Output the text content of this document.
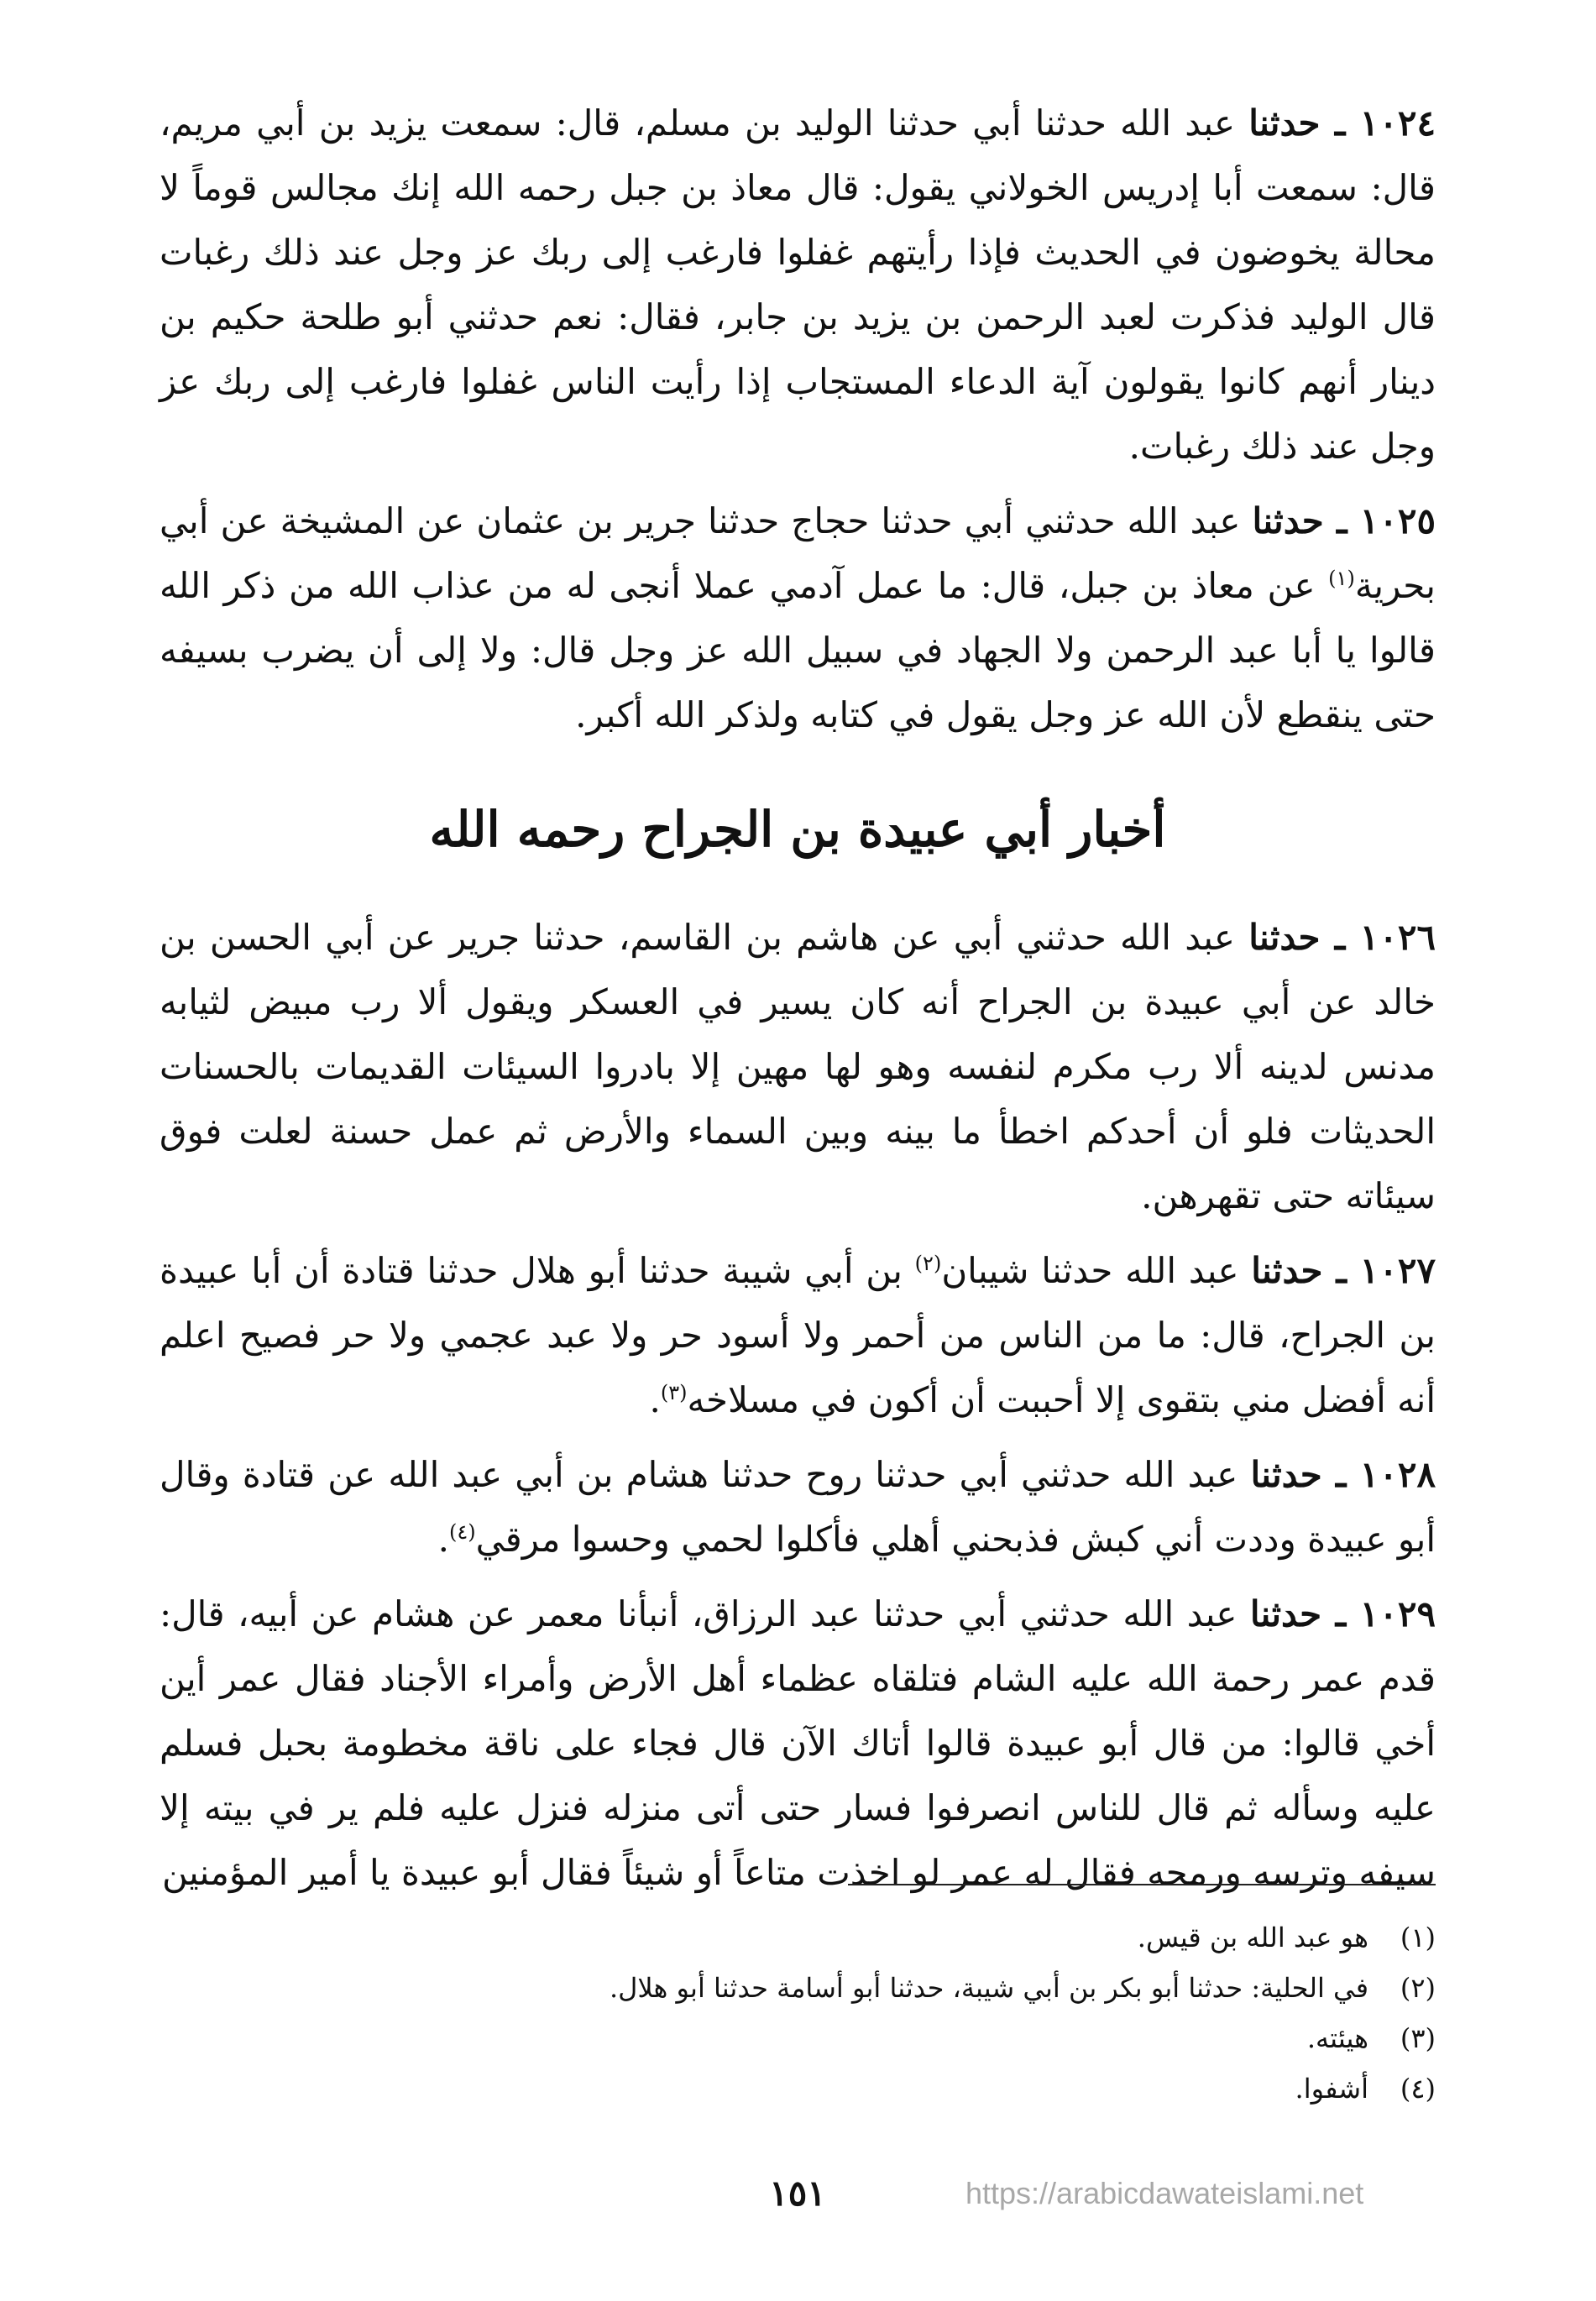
١٠٢٤ ـ حدثنا عبد الله حدثنا أبي حدثنا الوليد بن مسلم، قال: سمعت يزيد بن أبي مريم، قال: سمعت أبا إدريس الخولاني يقول: قال معاذ بن جبل رحمه الله إنك مجالس قوماً لا محالة يخوضون في الحديث فإذا رأيتهم غفلوا فارغب إلى ربك عز وجل عند ذلك رغبات قال الوليد فذكرت لعبد الرحمن بن يزيد بن جابر، فقال: نعم حدثني أبو طلحة حكيم بن دينار أنهم كانوا يقولون آية الدعاء المستجاب إذا رأيت الناس غفلوا فارغب إلى ربك عز وجل عند ذلك رغبات.

١٠٢٥ ـ حدثنا عبد الله حدثني أبي حدثنا حجاج حدثنا جرير بن عثمان عن المشيخة عن أبي بحرية$^{(١)}$ عن معاذ بن جبل، قال: ما عمل آدمي عملا أنجى له من عذاب الله من ذكر الله قالوا يا أبا عبد الرحمن ولا الجهاد في سبيل الله عز وجل قال: ولا إلى أن يضرب بسيفه حتى ينقطع لأن الله عز وجل يقول في كتابه ولذكر الله أكبر.

أخبار أبي عبيدة بن الجراح رحمه الله

١٠٢٦ ـ حدثنا عبد الله حدثني أبي عن هاشم بن القاسم، حدثنا جرير عن أبي الحسن بن خالد عن أبي عبيدة بن الجراح أنه كان يسير في العسكر ويقول ألا رب مبيض لثيابه مدنس لدينه ألا رب مكرم لنفسه وهو لها مهين إلا بادروا السيئات القديمات بالحسنات الحديثات فلو أن أحدكم اخطأ ما بينه وبين السماء والأرض ثم عمل حسنة لعلت فوق سيئاته حتى تقهرهن.

١٠٢٧ ـ حدثنا عبد الله حدثنا شيبان$^{(٢)}$ بن أبي شيبة حدثنا أبو هلال حدثنا قتادة أن أبا عبيدة بن الجراح، قال: ما من الناس من أحمر ولا أسود حر ولا عبد عجمي ولا حر فصيح اعلم أنه أفضل مني بتقوى إلا أحببت أن أكون في مسلاخه$^{(٣)}$.

١٠٢٨ ـ حدثنا عبد الله حدثني أبي حدثنا روح حدثنا هشام بن أبي عبد الله عن قتادة وقال أبو عبيدة وددت أني كبش فذبحني أهلي فأكلوا لحمي وحسوا مرقي$^{(٤)}$.

١٠٢٩ ـ حدثنا عبد الله حدثني أبي حدثنا عبد الرزاق، أنبأنا معمر عن هشام عن أبيه، قال: قدم عمر رحمة الله عليه الشام فتلقاه عظماء أهل الأرض وأمراء الأجناد فقال عمر أين أخي قالوا: من قال أبو عبيدة قالوا أتاك الآن قال فجاء على ناقة مخطومة بحبل فسلم عليه وسأله ثم قال للناس انصرفوا فسار حتى أتى منزله فنزل عليه فلم ير في بيته إلا سيفه وترسه ورمحه فقال له عمر لو اخذت متاعاً أو شيئاً فقال أبو عبيدة يا أمير المؤمنين

(١)هو عبد الله بن قيس.
(٢)في الحلية: حدثنا أبو بكر بن أبي شيبة، حدثنا أبو أسامة حدثنا أبو هلال.
(٣)هيئته.
(٤)أشفوا.
١٥١	https://arabicdawateislami.net
